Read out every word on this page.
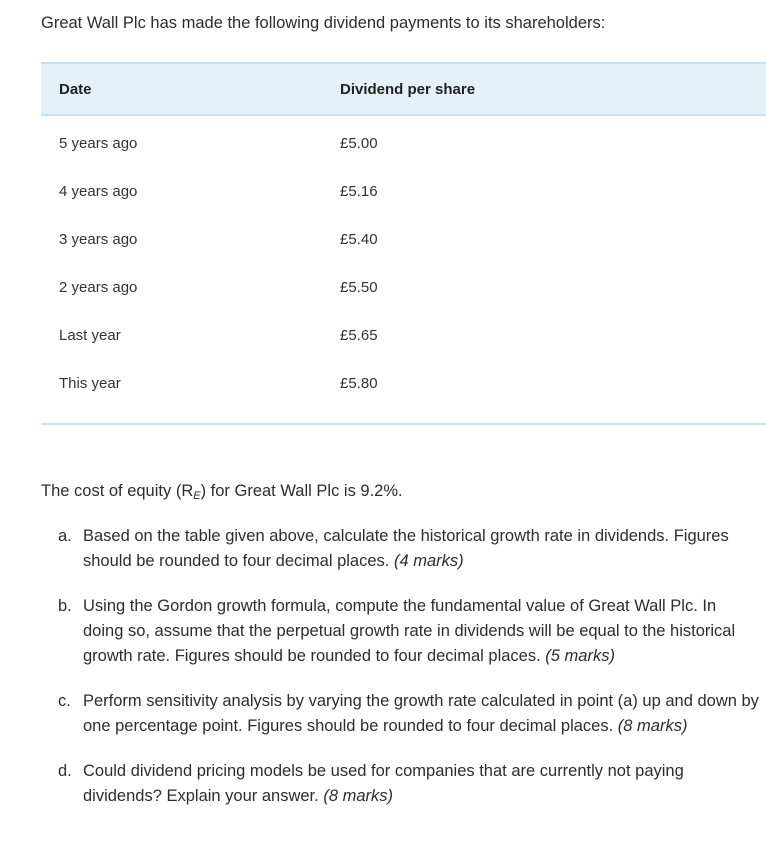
Great Wall Plc has made the following dividend payments to its shareholders:

Date	Dividend per share
5 years ago	£5.00
4 years ago	£5.16
3 years ago	£5.40
2 years ago	£5.50
Last year	£5.65
This year	£5.80

The cost of equity $(R_E)$ for Great Wall Plc is 9.2%.

a. Based on the table given above, calculate the historical growth rate in dividends. Figures should be rounded to four decimal places. (4 marks)
b. Using the Gordon growth formula, compute the fundamental value of Great Wall Plc. In doing so, assume that the perpetual growth rate in dividends will be equal to the historical growth rate. Figures should be rounded to four decimal places. (5 marks)
c. Perform sensitivity analysis by varying the growth rate calculated in point (a) up and down by one percentage point. Figures should be rounded to four decimal places. (8 marks)
d. Could dividend pricing models be used for companies that are currently not paying dividends? Explain your answer. (8 marks)
